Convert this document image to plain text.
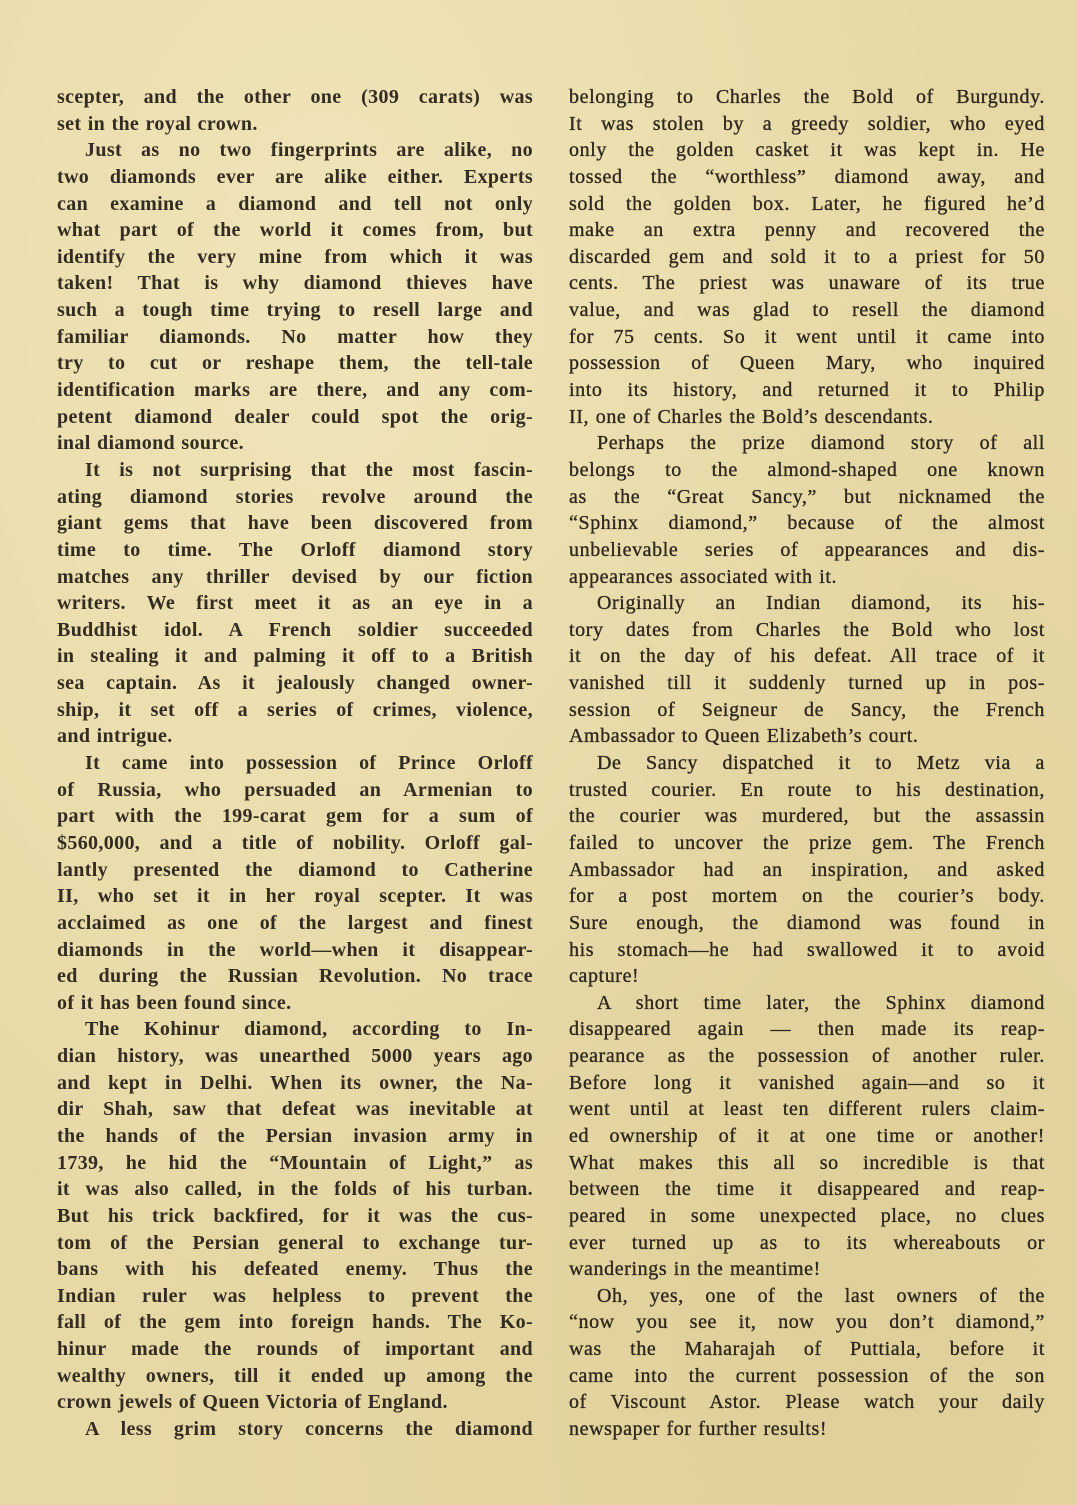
scepter, and the other one (309 carats) was
set in the royal crown.
Just as no two fingerprints are alike, no
two diamonds ever are alike either. Experts
can examine a diamond and tell not only
what part of the world it comes from, but
identify the very mine from which it was
taken! That is why diamond thieves have
such a tough time trying to resell large and
familiar diamonds. No matter how they
try to cut or reshape them, the tell-tale
identification marks are there, and any com-
petent diamond dealer could spot the orig-
inal diamond source.
It is not surprising that the most fascin-
ating diamond stories revolve around the
giant gems that have been discovered from
time to time. The Orloff diamond story
matches any thriller devised by our fiction
writers. We first meet it as an eye in a
Buddhist idol. A French soldier succeeded
in stealing it and palming it off to a British
sea captain. As it jealously changed owner-
ship, it set off a series of crimes, violence,
and intrigue.
It came into possession of Prince Orloff
of Russia, who persuaded an Armenian to
part with the 199-carat gem for a sum of
$560,000, and a title of nobility. Orloff gal-
lantly presented the diamond to Catherine
II, who set it in her royal scepter. It was
acclaimed as one of the largest and finest
diamonds in the world—when it disappear-
ed during the Russian Revolution. No trace
of it has been found since.
The Kohinur diamond, according to In-
dian history, was unearthed 5000 years ago
and kept in Delhi. When its owner, the Na-
dir Shah, saw that defeat was inevitable at
the hands of the Persian invasion army in
1739, he hid the “Mountain of Light,” as
it was also called, in the folds of his turban.
But his trick backfired, for it was the cus-
tom of the Persian general to exchange tur-
bans with his defeated enemy. Thus the
Indian ruler was helpless to prevent the
fall of the gem into foreign hands. The Ko-
hinur made the rounds of important and
wealthy owners, till it ended up among the
crown jewels of Queen Victoria of England.
A less grim story concerns the diamond
belonging to Charles the Bold of Burgundy.
It was stolen by a greedy soldier, who eyed
only the golden casket it was kept in. He
tossed the “worthless” diamond away, and
sold the golden box. Later, he figured he’d
make an extra penny and recovered the
discarded gem and sold it to a priest for 50
cents. The priest was unaware of its true
value, and was glad to resell the diamond
for 75 cents. So it went until it came into
possession of Queen Mary, who inquired
into its history, and returned it to Philip
II, one of Charles the Bold’s descendants.
Perhaps the prize diamond story of all
belongs to the almond-shaped one known
as the “Great Sancy,” but nicknamed the
“Sphinx diamond,” because of the almost
unbelievable series of appearances and dis-
appearances associated with it.
Originally an Indian diamond, its his-
tory dates from Charles the Bold who lost
it on the day of his defeat. All trace of it
vanished till it suddenly turned up in pos-
session of Seigneur de Sancy, the French
Ambassador to Queen Elizabeth’s court.
De Sancy dispatched it to Metz via a
trusted courier. En route to his destination,
the courier was murdered, but the assassin
failed to uncover the prize gem. The French
Ambassador had an inspiration, and asked
for a post mortem on the courier’s body.
Sure enough, the diamond was found in
his stomach—he had swallowed it to avoid
capture!
A short time later, the Sphinx diamond
disappeared again — then made its reap-
pearance as the possession of another ruler.
Before long it vanished again—and so it
went until at least ten different rulers claim-
ed ownership of it at one time or another!
What makes this all so incredible is that
between the time it disappeared and reap-
peared in some unexpected place, no clues
ever turned up as to its whereabouts or
wanderings in the meantime!
Oh, yes, one of the last owners of the
“now you see it, now you don’t diamond,”
was the Maharajah of Puttiala, before it
came into the current possession of the son
of Viscount Astor. Please watch your daily
newspaper for further results!
